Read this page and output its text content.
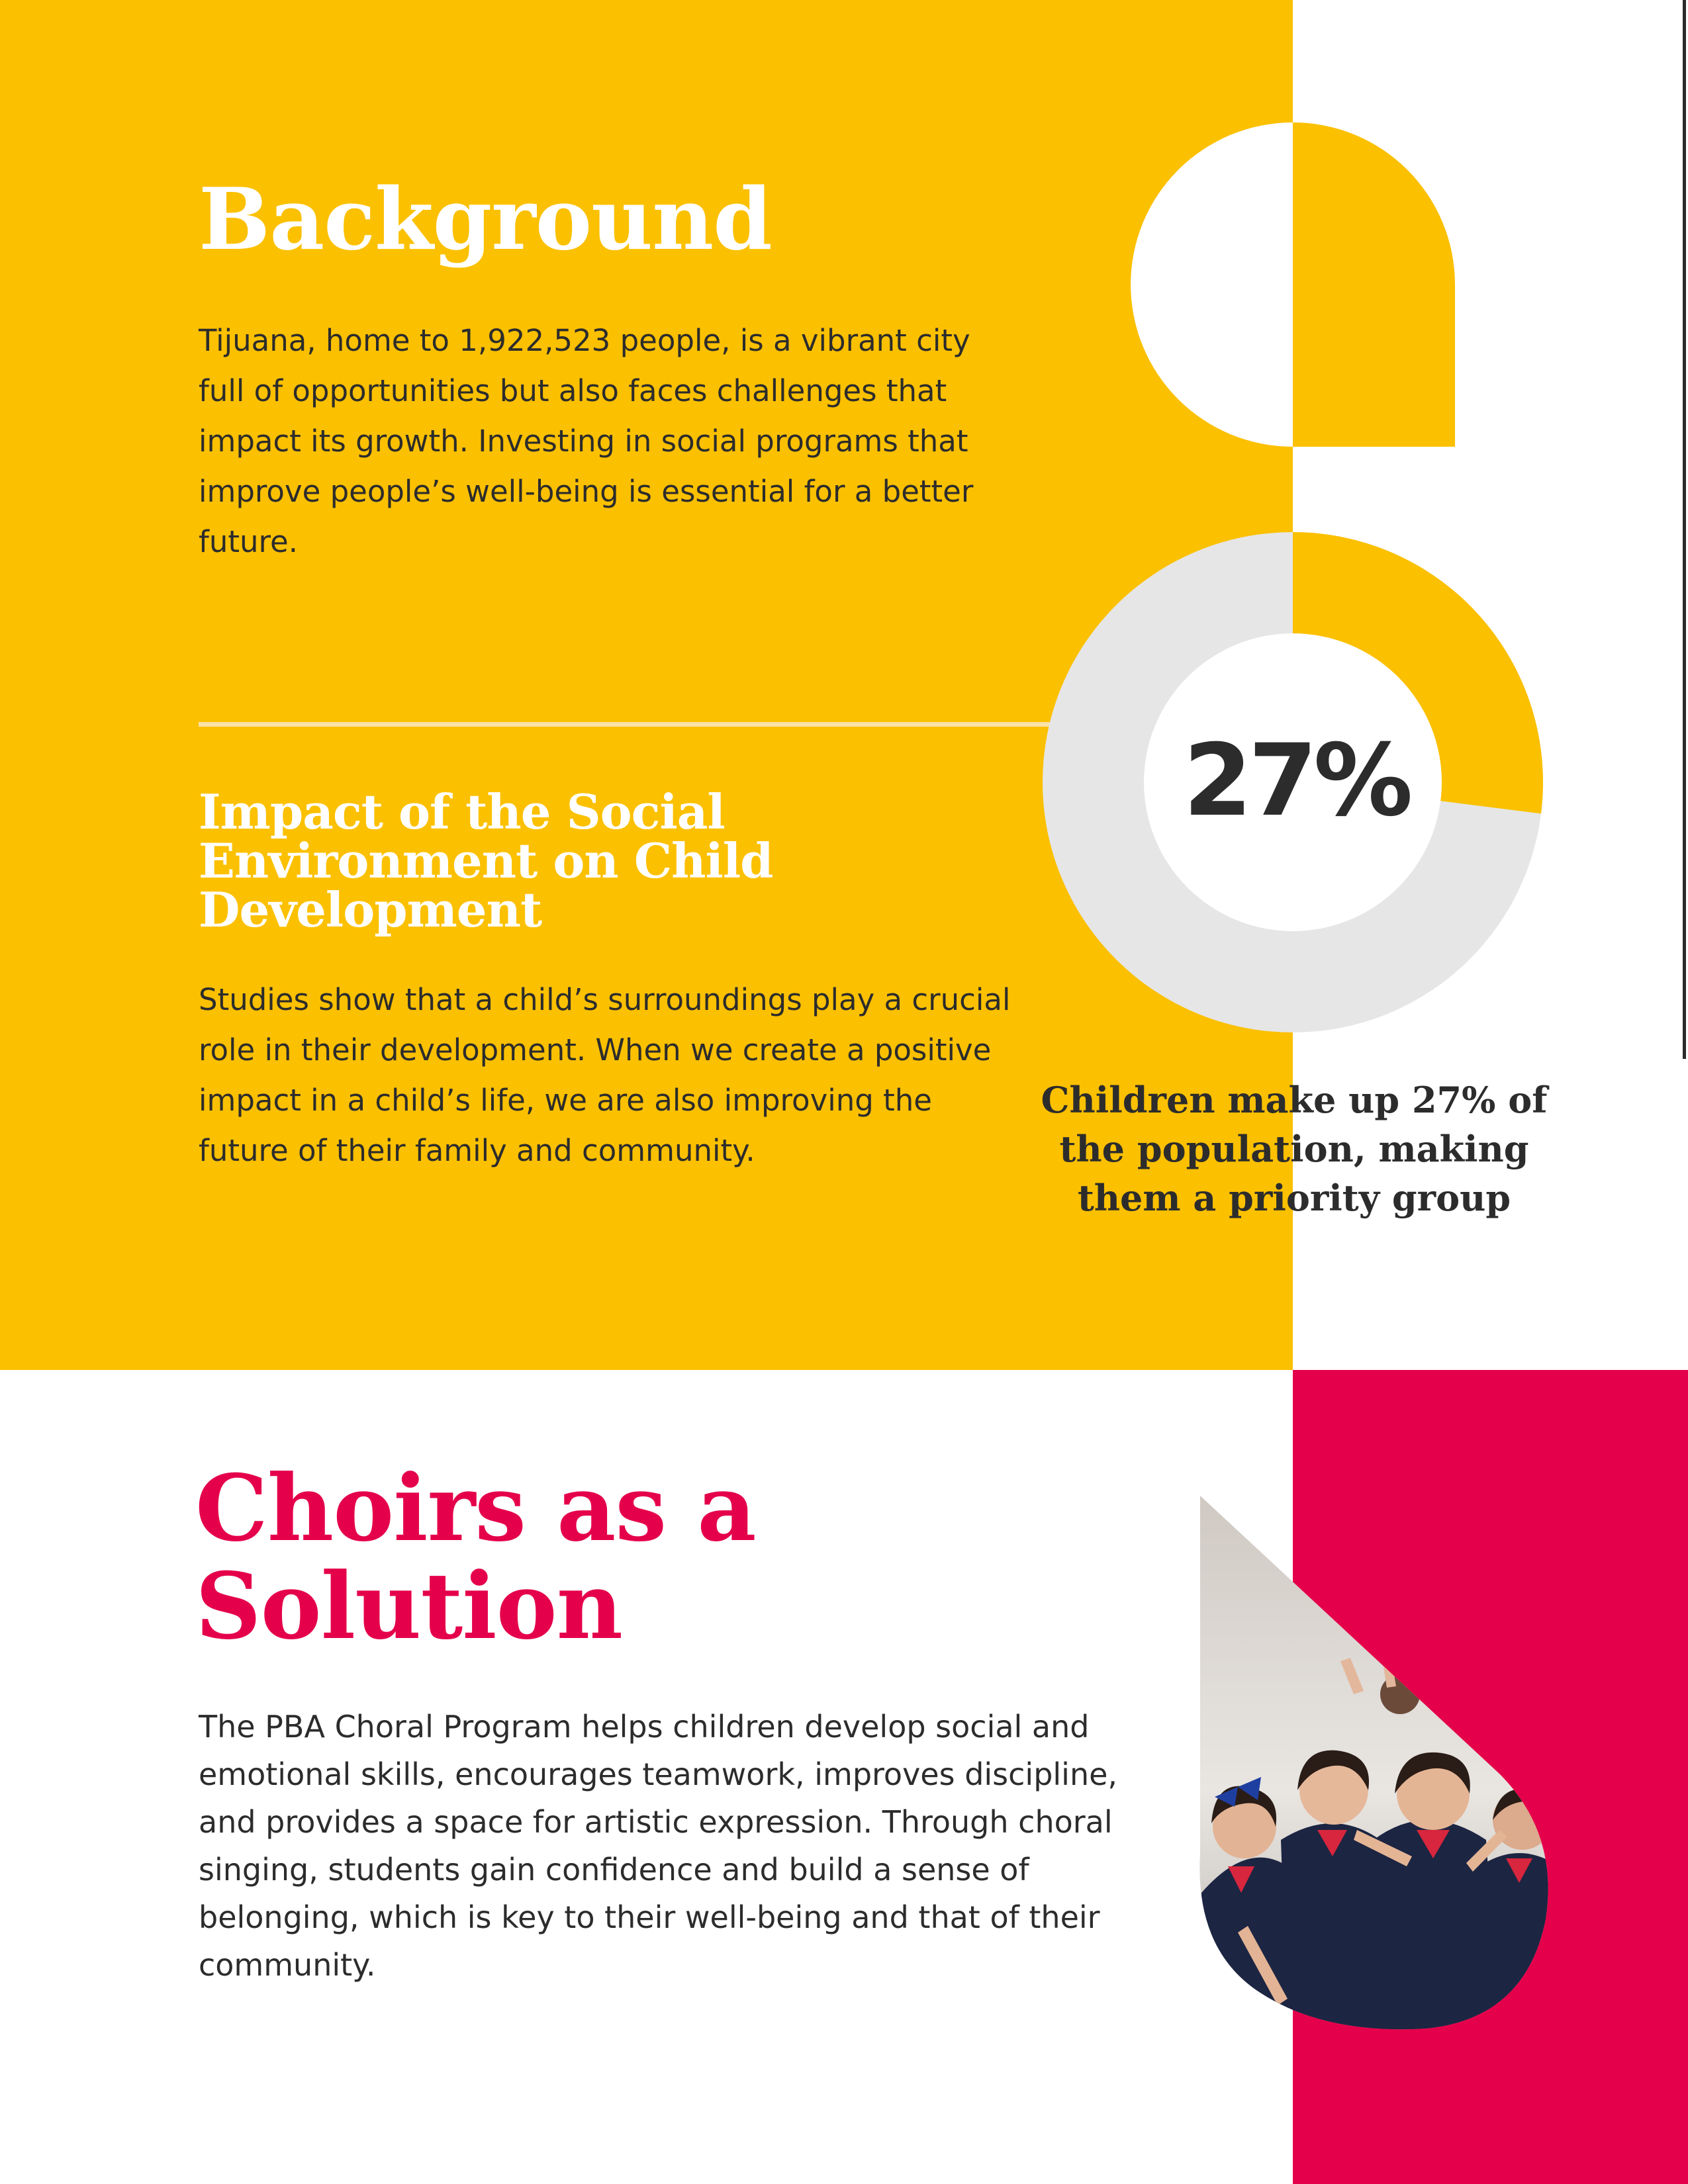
Background

Tijuana, home to 1,922,523 people, is a vibrant city full of opportunities but also faces challenges that impact its growth. Investing in social programs that improve people’s well-being is essential for a better future.

Impact of the Social Environment on Child Development

Studies show that a child’s surroundings play a crucial role in their development. When we create a positive impact in a child’s life, we are also improving the future of their family and community.

27%
Children make up 27% of the population, making them a priority group
Choirs as a Solution

The PBA Choral Program helps children develop social and emotional skills, encourages teamwork, improves discipline, and provides a space for artistic expression. Through choral singing, students gain confidence and build a sense of belonging, which is key to their well-being and that of their community.
